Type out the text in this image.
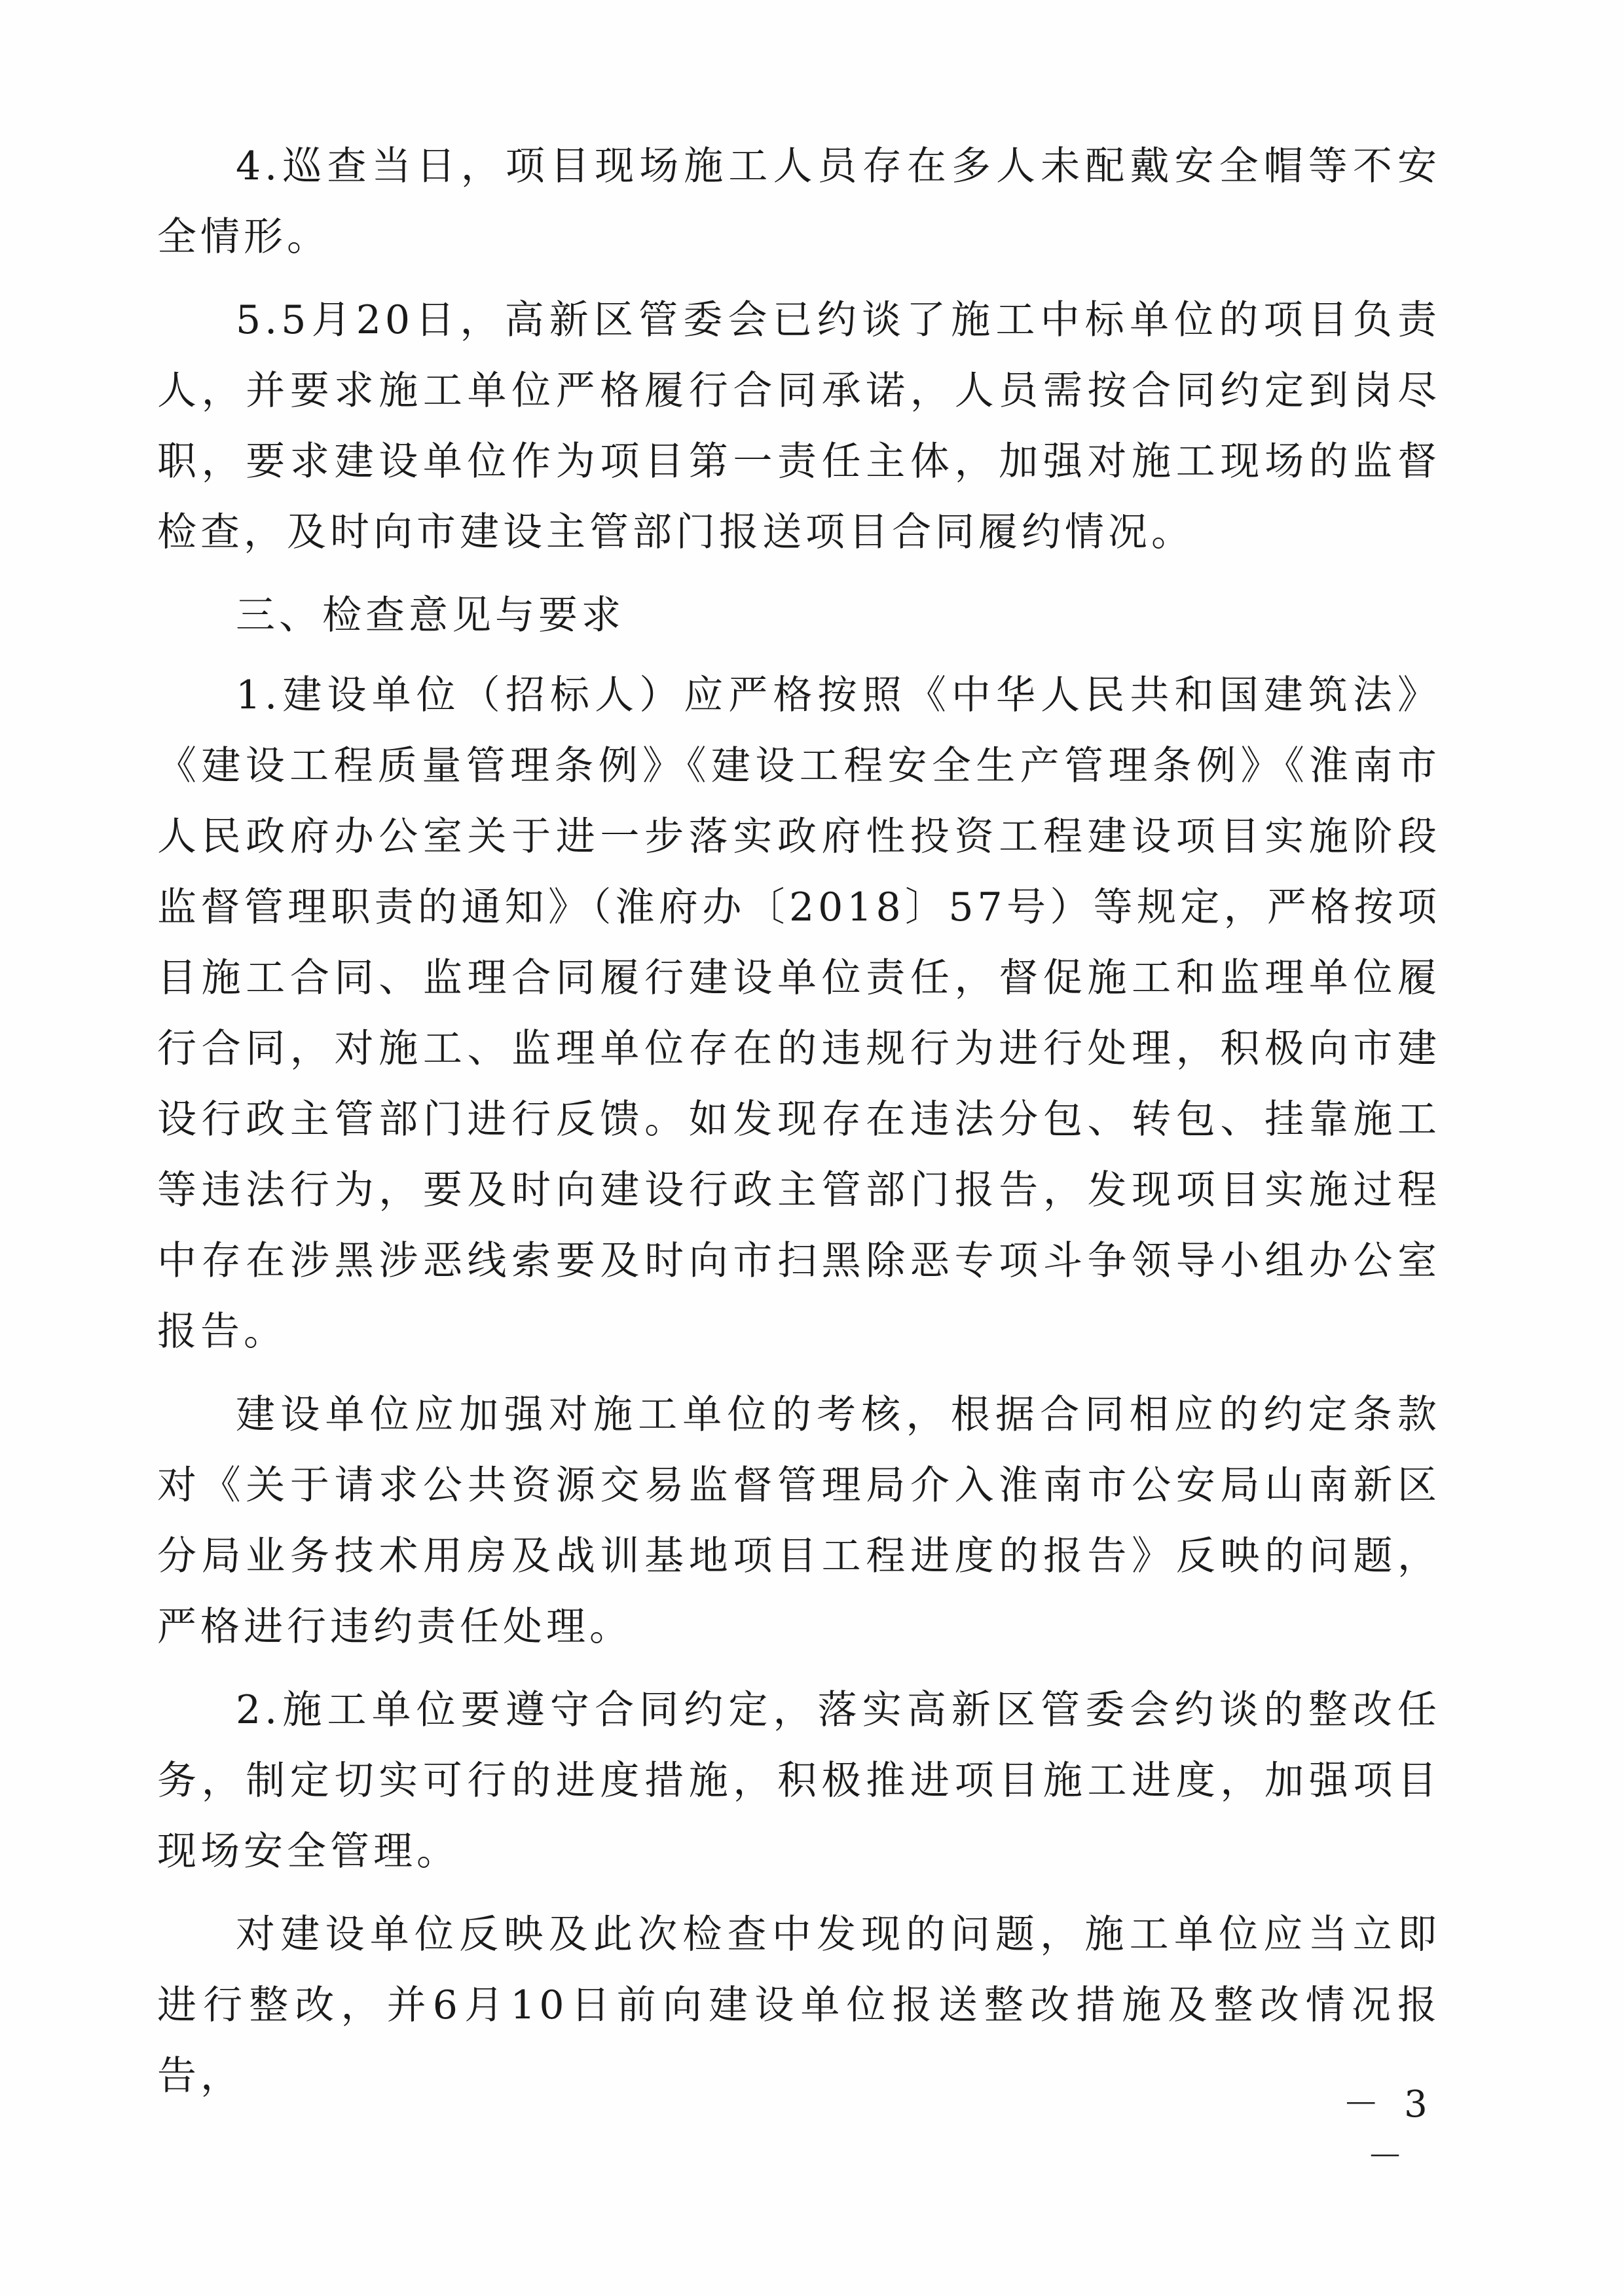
4.巡查当日，项目现场施工人员存在多人未配戴安全帽等不安全情形。

5.5月20日，高新区管委会已约谈了施工中标单位的项目负责人，并要求施工单位严格履行合同承诺，人员需按合同约定到岗尽职，要求建设单位作为项目第一责任主体，加强对施工现场的监督检查，及时向市建设主管部门报送项目合同履约情况。

三、检查意见与要求

1.建设单位（招标人）应严格按照《中华人民共和国建筑法》《建设工程质量管理条例》《建设工程安全生产管理条例》《淮南市人民政府办公室关于进一步落实政府性投资工程建设项目实施阶段监督管理职责的通知》（淮府办〔2018〕57号）等规定，严格按项目施工合同、监理合同履行建设单位责任，督促施工和监理单位履行合同，对施工、监理单位存在的违规行为进行处理，积极向市建设行政主管部门进行反馈。如发现存在违法分包、转包、挂靠施工等违法行为，要及时向建设行政主管部门报告，发现项目实施过程中存在涉黑涉恶线索要及时向市扫黑除恶专项斗争领导小组办公室报告。

建设单位应加强对施工单位的考核，根据合同相应的约定条款对《关于请求公共资源交易监督管理局介入淮南市公安局山南新区分局业务技术用房及战训基地项目工程进度的报告》反映的问题，严格进行违约责任处理。

2.施工单位要遵守合同约定，落实高新区管委会约谈的整改任务，制定切实可行的进度措施，积极推进项目施工进度，加强项目现场安全管理。

对建设单位反映及此次检查中发现的问题，施工单位应当立即进行整改，并6月10日前向建设单位报送整改措施及整改情况报告，

－ 3 －
